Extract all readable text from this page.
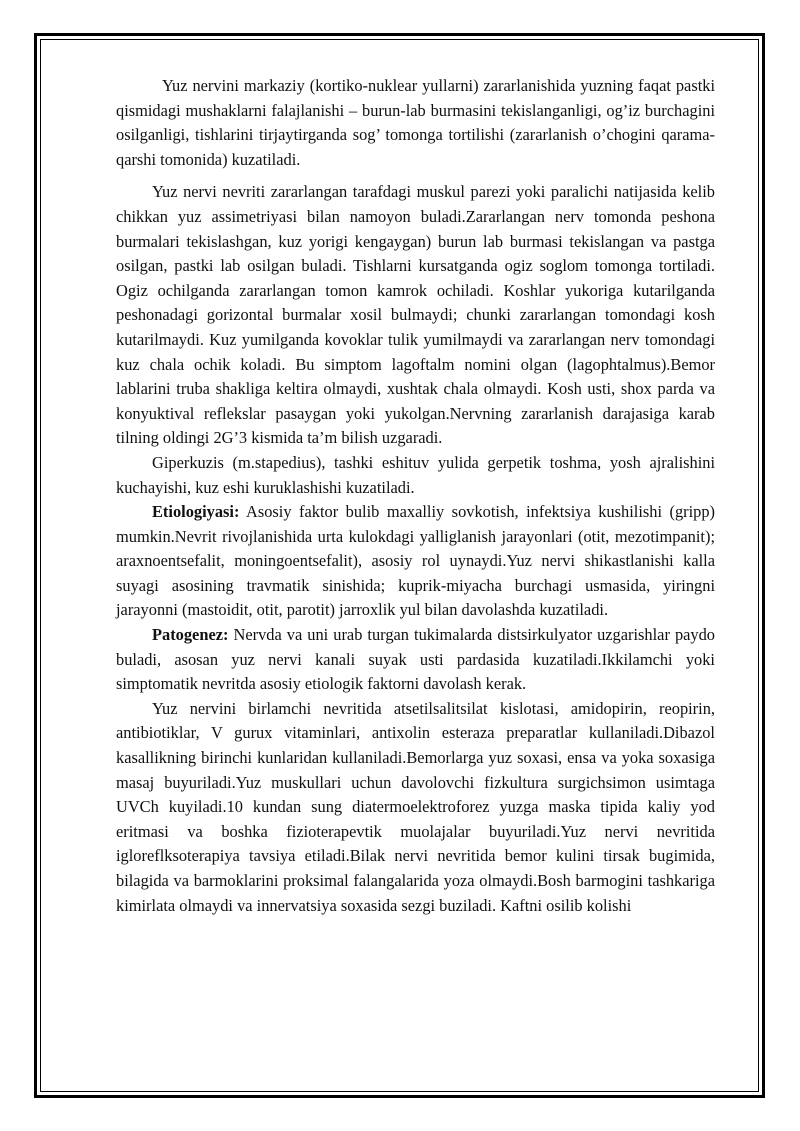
Yuz nervini markaziy (kortiko-nuklear yullarni) zararlanishida yuzning faqat pastki qismidagi mushaklarni falajlanishi – burun-lab burmasini tekislanganligi, og’iz burchagini osilganligi, tishlarini tirjaytirganda sog’ tomonga tortilishi (zararlanish o’chogini qarama-qarshi tomonida) kuzatiladi.

Yuz nervi nevriti zararlangan tarafdagi muskul parezi yoki paralichi natijasida kelib chikkan yuz assimetriyasi bilan namoyon buladi.Zararlangan nerv tomonda peshona burmalari tekislashgan, kuz yorigi kengaygan) burun lab burmasi tekislangan va pastga osilgan, pastki lab osilgan buladi. Tishlarni kursatganda ogiz soglom tomonga tortiladi. Ogiz ochilganda zararlangan tomon kamrok ochiladi. Koshlar yukoriga kutarilganda peshonadagi gorizontal burmalar xosil bulmaydi; chunki zararlangan tomondagi kosh kutarilmaydi. Kuz yumilganda kovoklar tulik yumilmaydi va zararlangan nerv tomondagi kuz chala ochik koladi. Bu simptom lagoftalm nomini olgan (lagophtalmus).Bemor lablarini truba shakliga keltira olmaydi, xushtak chala olmaydi. Kosh usti, shox parda va konyuktival reflekslar pasaygan yoki yukolgan.Nervning zararlanish darajasiga karab tilning oldingi 2G’3 kismida ta’m bilish uzgaradi.

Giperkuzis (m.stapedius), tashki eshituv yulida gerpetik toshma, yosh ajralishini kuchayishi, kuz eshi kuruklashishi kuzatiladi.

Etiologiyasi: Asosiy faktor bulib maxalliy sovkotish, infektsiya kushilishi (gripp) mumkin.Nevrit rivojlanishida urta kulokdagi yalliglanish jarayonlari (otit, mezotimpanit); araxnoentsefalit, moningoentsefalit), asosiy rol uynaydi.Yuz nervi shikastlanishi kalla suyagi asosining travmatik sinishida; kuprik-miyacha burchagi usmasida, yiringni jarayonni (mastoidit, otit, parotit) jarroxlik yul bilan davolashda kuzatiladi.

Patogenez: Nervda va uni urab turgan tukimalarda distsirkulyator uzgarishlar paydo buladi, asosan yuz nervi kanali suyak usti pardasida kuzatiladi.Ikkilamchi yoki simptomatik nevritda asosiy etiologik faktorni davolash kerak.

Yuz nervini birlamchi nevritida atsetilsalitsilat kislotasi, amidopirin, reopirin, antibiotiklar, V gurux vitaminlari, antixolin esteraza preparatlar kullaniladi.Dibazol kasallikning birinchi kunlaridan kullaniladi.Bemorlarga yuz soxasi, ensa va yoka soxasiga masaj buyuriladi.Yuz muskullari uchun davolovchi fizkultura surgichsimon usimtaga UVCh kuyiladi.10 kundan sung diatermoelektroforez yuzga maska tipida kaliy yod eritmasi va boshka fizioterapevtik muolajalar buyuriladi.Yuz nervi nevritida igloreflksoterapiya tavsiya etiladi.Bilak nervi nevritida bemor kulini tirsak bugimida, bilagida va barmoklarini proksimal falangalarida yoza olmaydi.Bosh barmogini tashkariga kimirlata olmaydi va innervatsiya soxasida sezgi buziladi. Kaftni osilib kolishi
